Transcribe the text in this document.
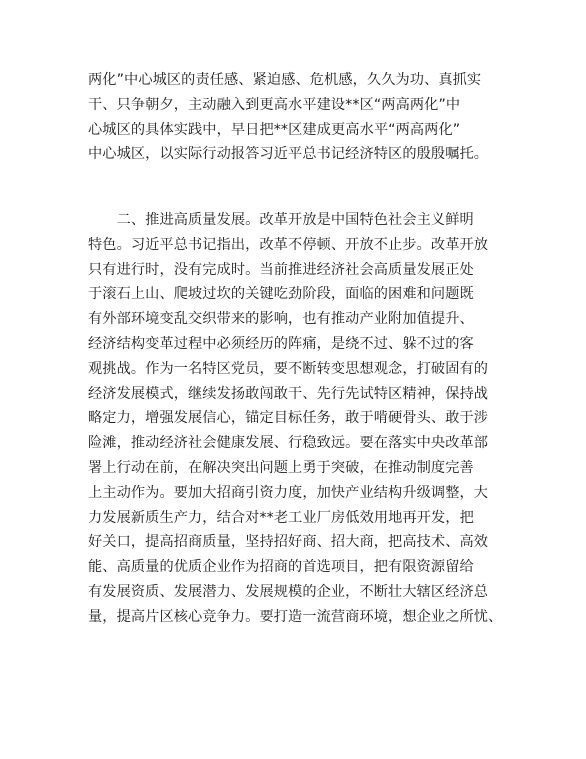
两化”中心城区的责任感、紧迫感、危机感，久久为功、真抓实
干、只争朝夕，主动融入到更高水平建设**区“两高两化”中
心城区的具体实践中，早日把**区建成更高水平“两高两化”
中心城区，以实际行动报答习近平总书记经济特区的殷殷嘱托。
　　二、推进高质量发展。改革开放是中国特色社会主义鲜明
特色。习近平总书记指出，改革不停顿、开放不止步。改革开放
只有进行时，没有完成时。当前推进经济社会高质量发展正处
于滚石上山、爬坡过坎的关键吃劲阶段，面临的困难和问题既
有外部环境变乱交织带来的影响，也有推动产业附加值提升、
经济结构变革过程中必须经历的阵痛，是绕不过、躲不过的客
观挑战。作为一名特区党员，要不断转变思想观念，打破固有的
经济发展模式，继续发扬敢闯敢干、先行先试特区精神，保持战
略定力，增强发展信心，锚定目标任务，敢于啃硬骨头、敢于涉
险滩，推动经济社会健康发展、行稳致远。要在落实中央改革部
署上行动在前，在解决突出问题上勇于突破，在推动制度完善
上主动作为。要加大招商引资力度，加快产业结构升级调整，大
力发展新质生产力，结合对**老工业厂房低效用地再开发，把
好关口，提高招商质量，坚持招好商、招大商，把高技术、高效
能、高质量的优质企业作为招商的首选项目，把有限资源留给
有发展资质、发展潜力、发展规模的企业，不断壮大辖区经济总
量，提高片区核心竞争力。要打造一流营商环境，想企业之所忧、
